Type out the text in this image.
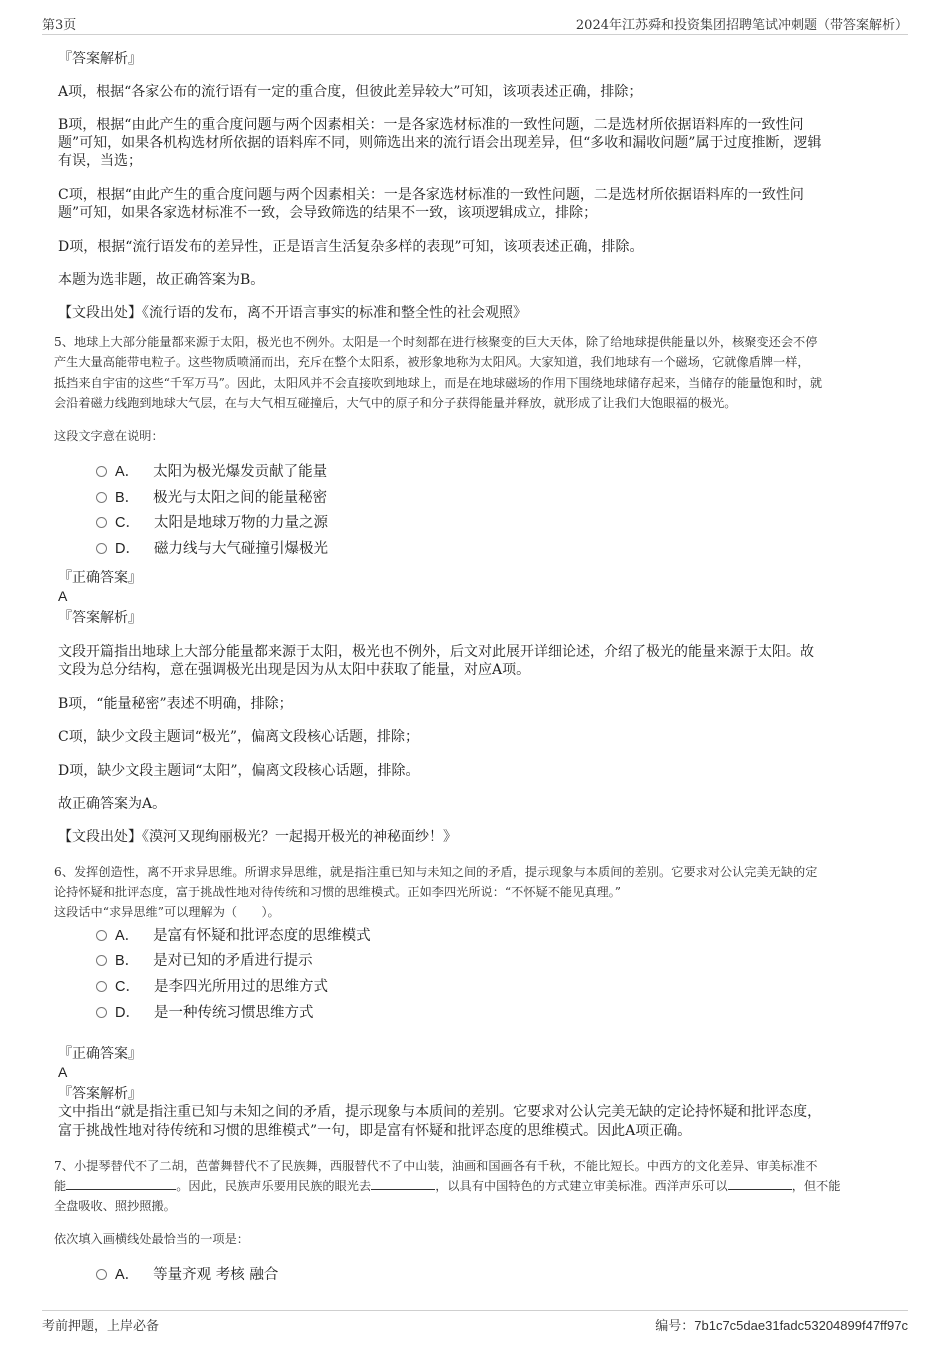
第3页	2024年江苏舜和投资集团招聘笔试冲刺题（带答案解析）

『答案解析』

A项，根据“各家公布的流行语有一定的重合度，但彼此差异较大”可知，该项表述正确，排除；

B项，根据“由此产生的重合度问题与两个因素相关：一是各家选材标准的一致性问题，二是选材所依据语料库的一致性问

题”可知，如果各机构选材所依据的语料库不同，则筛选出来的流行语会出现差异，但“多收和漏收问题”属于过度推断，逻辑

有误，当选；

C项，根据“由此产生的重合度问题与两个因素相关：一是各家选材标准的一致性问题，二是选材所依据语料库的一致性问

题”可知，如果各家选材标准不一致，会导致筛选的结果不一致，该项逻辑成立，排除；

D项，根据“流行语发布的差异性，正是语言生活复杂多样的表现”可知，该项表述正确，排除。

本题为选非题，故正确答案为B。

【文段出处】《流行语的发布，离不开语言事实的标准和整全性的社会观照》

5、地球上大部分能量都来源于太阳，极光也不例外。太阳是一个时刻都在进行核聚变的巨大天体，除了给地球提供能量以外，核聚变还会不停

产生大量高能带电粒子。这些物质喷涌而出，充斥在整个太阳系，被形象地称为太阳风。大家知道，我们地球有一个磁场，它就像盾牌一样，

抵挡来自宇宙的这些“千军万马”。因此，太阳风并不会直接吹到地球上，而是在地球磁场的作用下围绕地球储存起来，当储存的能量饱和时，就

会沿着磁力线跑到地球大气层，在与大气相互碰撞后，大气中的原子和分子获得能量并释放，就形成了让我们大饱眼福的极光。

这段文字意在说明：

A． 太阳为极光爆发贡献了能量
B． 极光与太阳之间的能量秘密
C． 太阳是地球万物的力量之源
D． 磁力线与大气碰撞引爆极光

『正确答案』

A

『答案解析』

文段开篇指出地球上大部分能量都来源于太阳，极光也不例外，后文对此展开详细论述，介绍了极光的能量来源于太阳。故

文段为总分结构，意在强调极光出现是因为从太阳中获取了能量，对应A项。

B项，“能量秘密”表述不明确，排除；

C项，缺少文段主题词“极光”，偏离文段核心话题，排除；

D项，缺少文段主题词“太阳”，偏离文段核心话题，排除。

故正确答案为A。

【文段出处】《漠河又现绚丽极光？一起揭开极光的神秘面纱！》

6、发挥创造性，离不开求异思维。所谓求异思维，就是指注重已知与未知之间的矛盾，提示现象与本质间的差别。它要求对公认完美无缺的定

论持怀疑和批评态度，富于挑战性地对待传统和习惯的思维模式。正如李四光所说：“不怀疑不能见真理。”

这段话中“求异思维”可以理解为（　　）。

A． 是富有怀疑和批评态度的思维模式
B． 是对已知的矛盾进行提示
C． 是李四光所用过的思维方式
D． 是一种传统习惯思维方式

『正确答案』

A

『答案解析』

文中指出“就是指注重已知与未知之间的矛盾，提示现象与本质间的差别。它要求对公认完美无缺的定论持怀疑和批评态度，

富于挑战性地对待传统和习惯的思维模式”一句，即是富有怀疑和批评态度的思维模式。因此A项正确。

7、小提琴替代不了二胡，芭蕾舞替代不了民族舞，西服替代不了中山装，油画和国画各有千秋，不能比短长。中西方的文化差异、审美标准不

能	。因此，民族声乐要用民族的眼光去	，以具有中国特色的方式建立审美标准。西洋声乐可以	，但不能

全盘吸收、照抄照搬。

依次填入画横线处最恰当的一项是：

A． 等量齐观 考核 融合
考前押题，上岸必备	编号：7b1c7c5dae31fadc53204899f47ff97c
